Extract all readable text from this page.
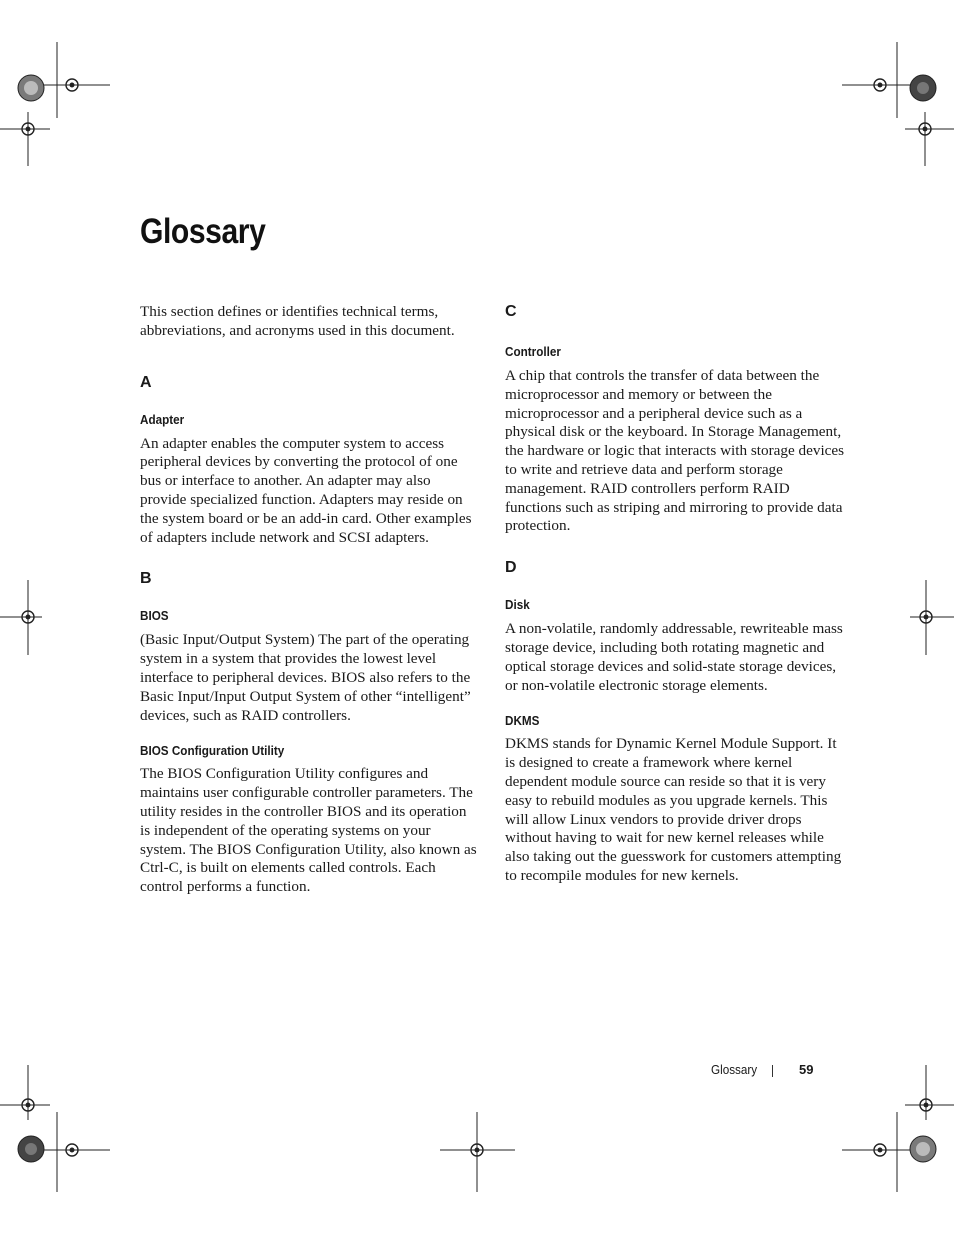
Glossary

This section defines or identifies technical terms, abbreviations, and acronyms used in this document.

A
Adapter

An adapter enables the computer system to access peripheral devices by converting the protocol of one bus or interface to another. An adapter may also provide specialized function. Adapters may reside on the system board or be an add-in card. Other examples of adapters include network and SCSI adapters.

B
BIOS

(Basic Input/Output System) The part of the operating system in a system that provides the lowest level interface to peripheral devices. BIOS also refers to the Basic Input/Input Output System of other “intelligent” devices, such as RAID controllers.

BIOS Configuration Utility

The BIOS Configuration Utility configures and maintains user configurable controller parameters. The utility resides in the controller BIOS and its operation is independent of the operating systems on your system. The BIOS Configuration Utility, also known as Ctrl-C, is built on elements called controls. Each control performs a function.

C
Controller

A chip that controls the transfer of data between the microprocessor and memory or between the microprocessor and a peripheral device such as a physical disk or the keyboard. In Storage Management, the hardware or logic that interacts with storage devices to write and retrieve data and perform storage management. RAID controllers perform RAID functions such as striping and mirroring to provide data protection.

D
Disk

A non-volatile, randomly addressable, rewriteable mass storage device, including both rotating magnetic and optical storage devices and solid-state storage devices, or non-volatile electronic storage elements.

DKMS

DKMS stands for Dynamic Kernel Module Support. It is designed to create a framework where kernel dependent module source can reside so that it is very easy to rebuild modules as you upgrade kernels. This will allow Linux vendors to provide driver drops without having to wait for new kernel releases while also taking out the guesswork for customers attempting to recompile modules for new kernels.

Glossary	59
